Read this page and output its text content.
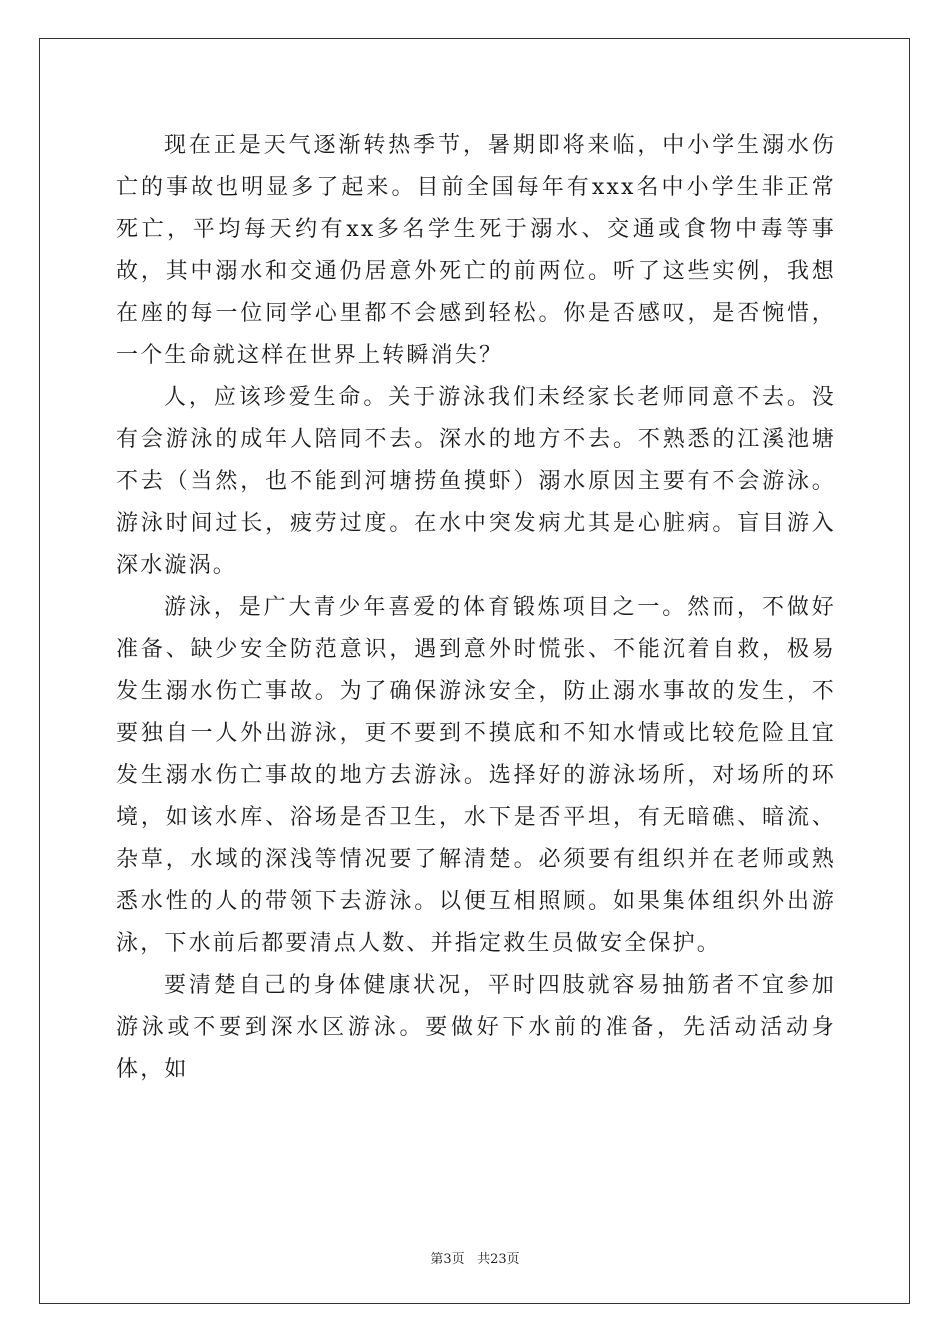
现在正是天气逐渐转热季节，暑期即将来临，中小学生溺水伤亡的事故也明显多了起来。目前全国每年有xxx名中小学生非正常死亡，平均每天约有xx多名学生死于溺水、交通或食物中毒等事故，其中溺水和交通仍居意外死亡的前两位。听了这些实例，我想在座的每一位同学心里都不会感到轻松。你是否感叹，是否惋惜，一个生命就这样在世界上转瞬消失？

人，应该珍爱生命。关于游泳我们未经家长老师同意不去。没有会游泳的成年人陪同不去。深水的地方不去。不熟悉的江溪池塘不去（当然，也不能到河塘捞鱼摸虾）溺水原因主要有不会游泳。游泳时间过长，疲劳过度。在水中突发病尤其是心脏病。盲目游入深水漩涡。

游泳，是广大青少年喜爱的体育锻炼项目之一。然而，不做好准备、缺少安全防范意识，遇到意外时慌张、不能沉着自救，极易发生溺水伤亡事故。为了确保游泳安全，防止溺水事故的发生，不要独自一人外出游泳，更不要到不摸底和不知水情或比较危险且宜发生溺水伤亡事故的地方去游泳。选择好的游泳场所，对场所的环境，如该水库、浴场是否卫生，水下是否平坦，有无暗礁、暗流、杂草，水域的深浅等情况要了解清楚。必须要有组织并在老师或熟悉水性的人的带领下去游泳。以便互相照顾。如果集体组织外出游泳，下水前后都要清点人数、并指定救生员做安全保护。

要清楚自己的身体健康状况，平时四肢就容易抽筋者不宜参加游泳或不要到深水区游泳。要做好下水前的准备，先活动活动身体，如

第3页 共23页
